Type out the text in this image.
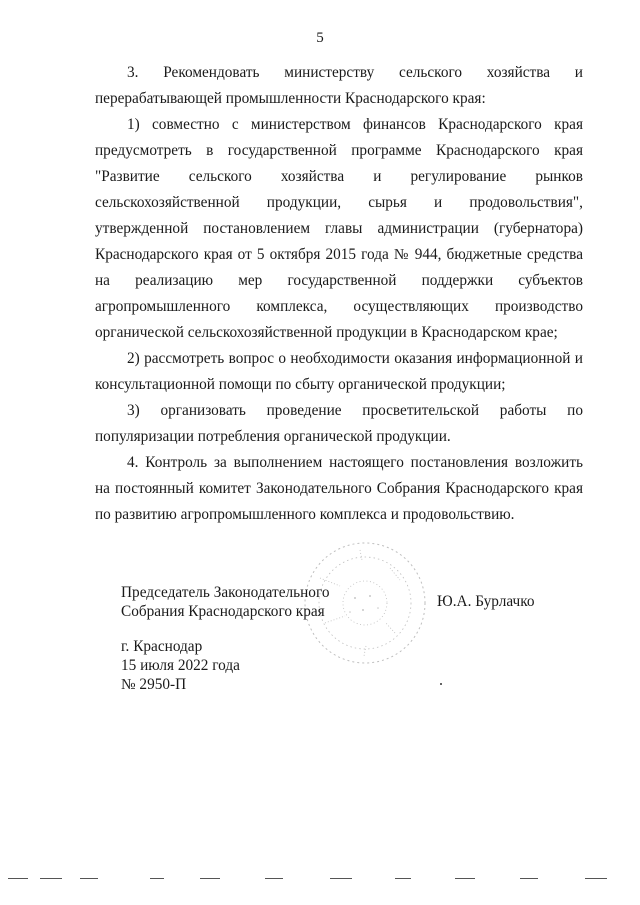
5

3. Рекомендовать министерству сельского хозяйства и перерабатывающей промышленности Краснодарского края:

1) совместно с министерством финансов Краснодарского края предусмотреть в государственной программе Краснодарского края "Развитие сельского хозяйства и регулирование рынков сельскохозяйственной продукции, сырья и продовольствия", утвержденной постановлением главы администрации (губернатора) Краснодарского края от 5 октября 2015 года № 944, бюджетные средства на реализацию мер государственной поддержки субъектов агропромышленного комплекса, осуществляющих производство органической сельскохозяйственной продукции в Краснодарском крае;

2) рассмотреть вопрос о необходимости оказания информационной и консультационной помощи по сбыту органической продукции;

3) организовать проведение просветительской работы по популяризации потребления органической продукции.

4. Контроль за выполнением настоящего постановления возложить на постоянный комитет Законодательного Собрания Краснодарского края по развитию агропромышленного комплекса и продовольствию.

Председатель Законодательного
Собрания Краснодарского края
Ю.А. Бурлачко
г. Краснодар
15 июля 2022 года
№ 2950-П
